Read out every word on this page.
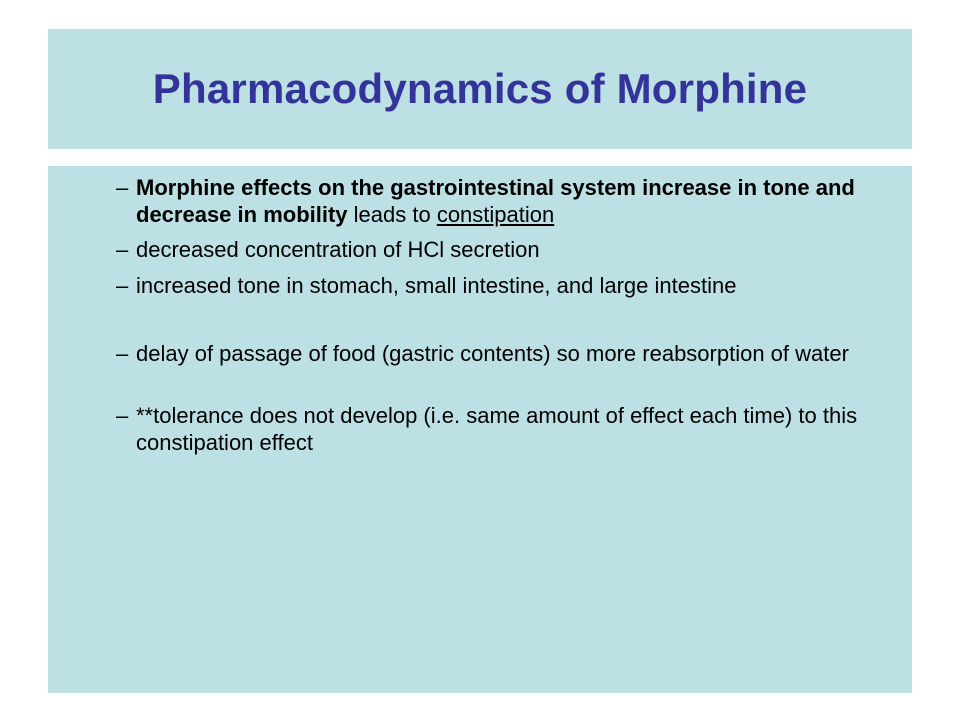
Pharmacodynamics of Morphine
– Morphine effects on the gastrointestinal system increase in tone and decrease in mobility leads to constipation
– decreased concentration of HCl secretion
– increased tone in stomach, small intestine, and large intestine
– delay of passage of food (gastric contents) so more reabsorption of water
– **tolerance does not develop (i.e. same amount of effect each time) to this constipation effect
